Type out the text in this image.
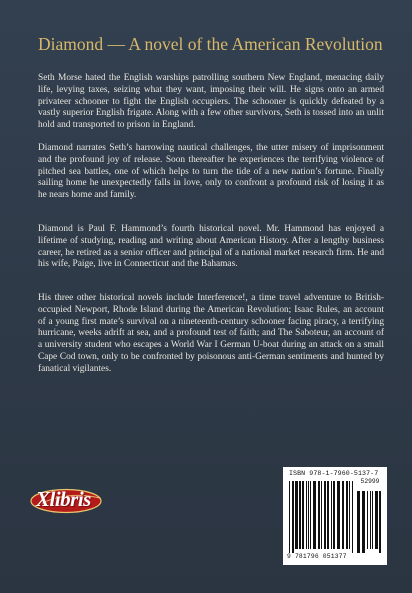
Diamond — A novel of the American Revolution

Seth Morse hated the English warships patrolling southern New England, menacing daily life, levying taxes, seizing what they want, imposing their will. He signs onto an armed privateer schooner to fight the English occupiers. The schooner is quickly defeated by a vastly superior English frigate. Along with a few other survivors, Seth is tossed into an unlit hold and transported to prison in England.

Diamond narrates Seth’s harrowing nautical challenges, the utter misery of imprisonment and the profound joy of release. Soon thereafter he experiences the terrifying violence of pitched sea battles, one of which helps to turn the tide of a new nation’s fortune. Finally sailing home he unexpectedly falls in love, only to confront a profound risk of losing it as he nears home and family.

Diamond is Paul F. Hammond’s fourth historical novel. Mr. Hammond has enjoyed a lifetime of studying, reading and writing about American History. After a lengthy business career, he retired as a senior officer and principal of a national market research firm. He and his wife, Paige, live in Connecticut and the Bahamas.

His three other historical novels include Interference!, a time travel adventure to British-occupied Newport, Rhode Island during the American Revolution; Isaac Rules, an account of a young first mate’s survival on a nineteenth-century schooner facing piracy, a terrifying hurricane, weeks adrift at sea, and a profound test of faith; and The Saboteur, an account of a university student who escapes a World War I German U-boat during an attack on a small Cape Cod town, only to be confronted by poisonous anti-German sentiments and hunted by fanatical vigilantes.

Xlibris
ISBN 978-1-7960-5137-7
9 781796 051377
52999
